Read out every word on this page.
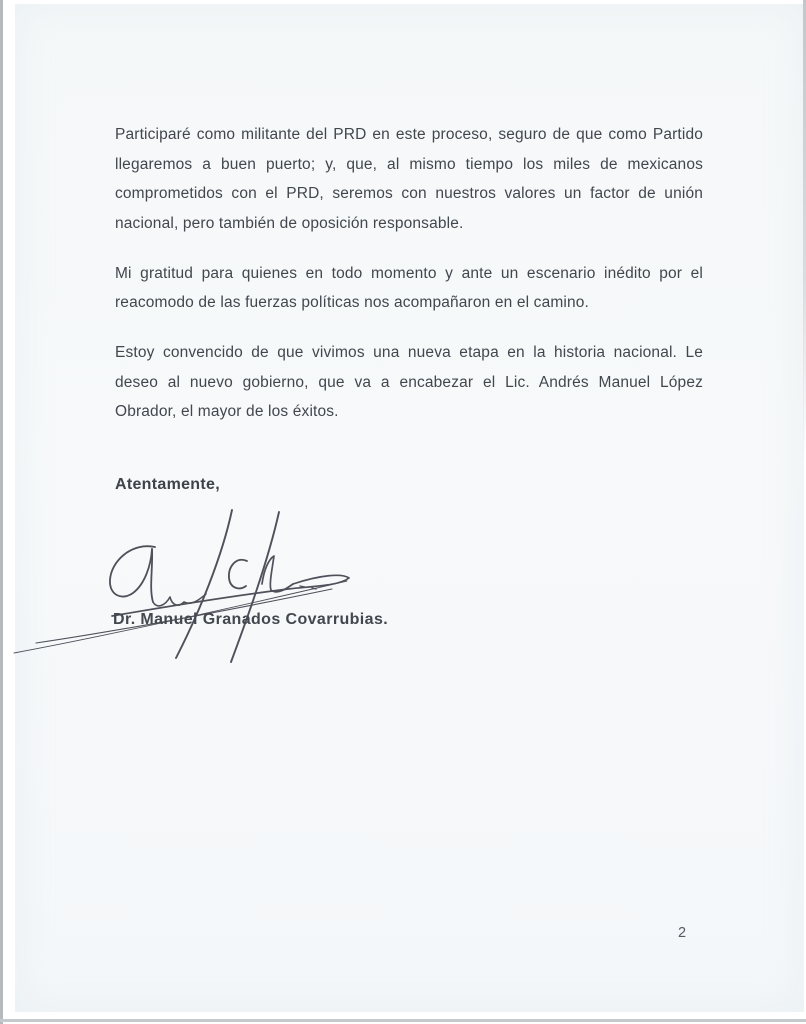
Participaré como militante del PRD en este proceso, seguro de que como Partido
llegaremos a buen puerto; y, que, al mismo tiempo los miles de mexicanos
comprometidos con el PRD, seremos con nuestros valores un factor de unión
nacional, pero también de oposición responsable.
Mi gratitud para quienes en todo momento y ante un escenario inédito por el
reacomodo de las fuerzas políticas nos acompañaron en el camino.
Estoy convencido de que vivimos una nueva etapa en la historia nacional. Le
deseo al nuevo gobierno, que va a encabezar el Lic. Andrés Manuel López
Obrador, el mayor de los éxitos.
Atentamente,
Dr. Manuel Granados Covarrubias.
2
